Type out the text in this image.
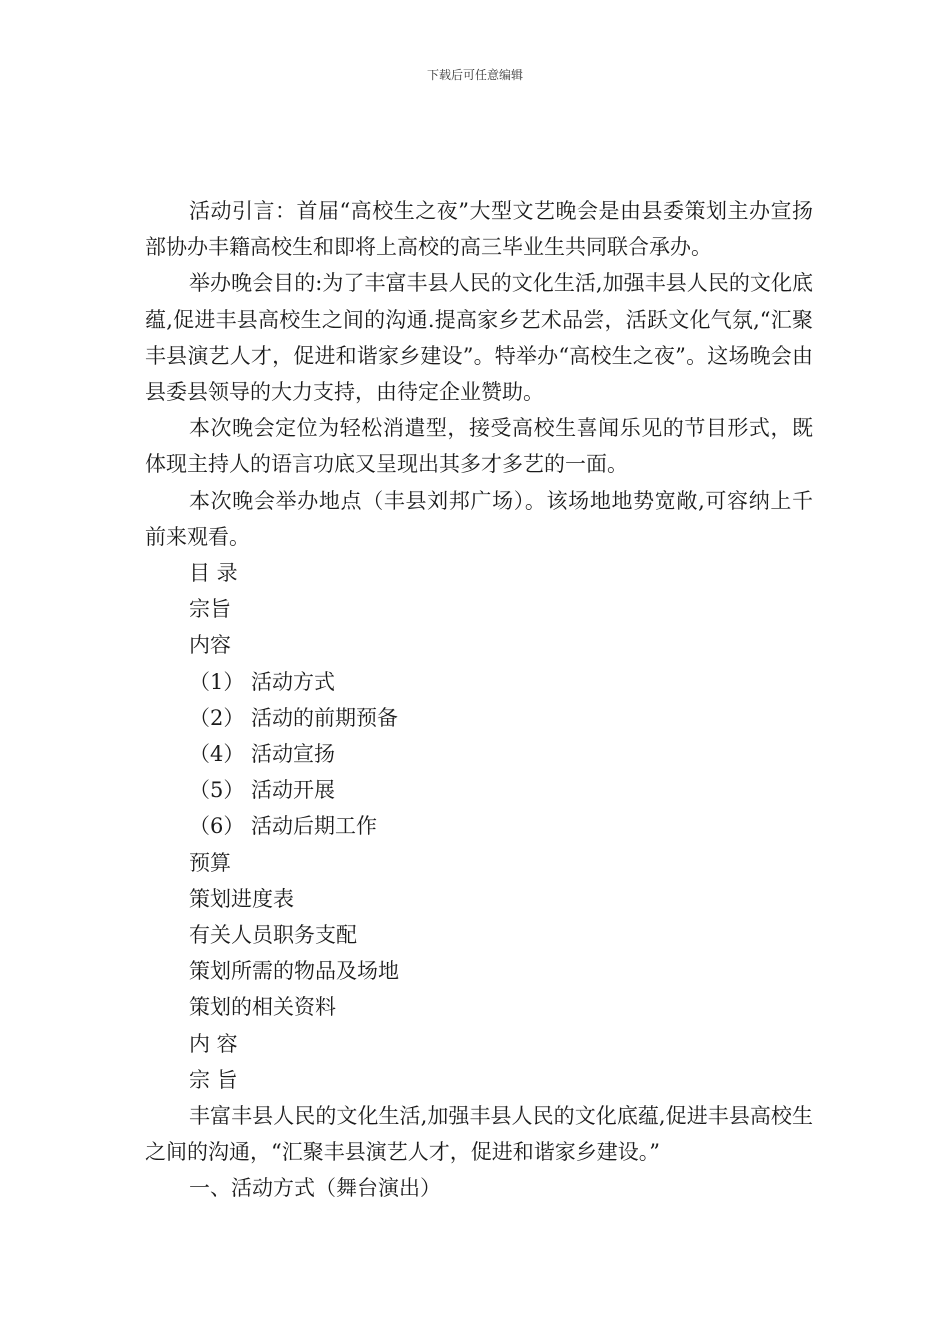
下载后可任意编辑

活动引言：首届“高校生之夜”大型文艺晚会是由县委策划主办宣扬部协办丰籍高校生和即将上高校的高三毕业生共同联合承办。

举办晚会目的:为了丰富丰县人民的文化生活,加强丰县人民的文化底蕴,促进丰县高校生之间的沟通.提高家乡艺术品尝，活跃文化气氛,“汇聚丰县演艺人才，促进和谐家乡建设”。特举办“高校生之夜”。这场晚会由县委县领导的大力支持，由待定企业赞助。

本次晚会定位为轻松消遣型，接受高校生喜闻乐见的节目形式，既体现主持人的语言功底又呈现出其多才多艺的一面。

本次晚会举办地点（丰县刘邦广场）。该场地地势宽敞,可容纳上千前来观看。

目 录

宗旨

内容

（1） 活动方式

（2） 活动的前期预备

（4） 活动宣扬

（5） 活动开展

（6） 活动后期工作

预算

策划进度表

有关人员职务支配

策划所需的物品及场地

策划的相关资料

内 容

宗 旨

丰富丰县人民的文化生活,加强丰县人民的文化底蕴,促进丰县高校生之间的沟通，“汇聚丰县演艺人才，促进和谐家乡建设。”

一、活动方式（舞台演出）
